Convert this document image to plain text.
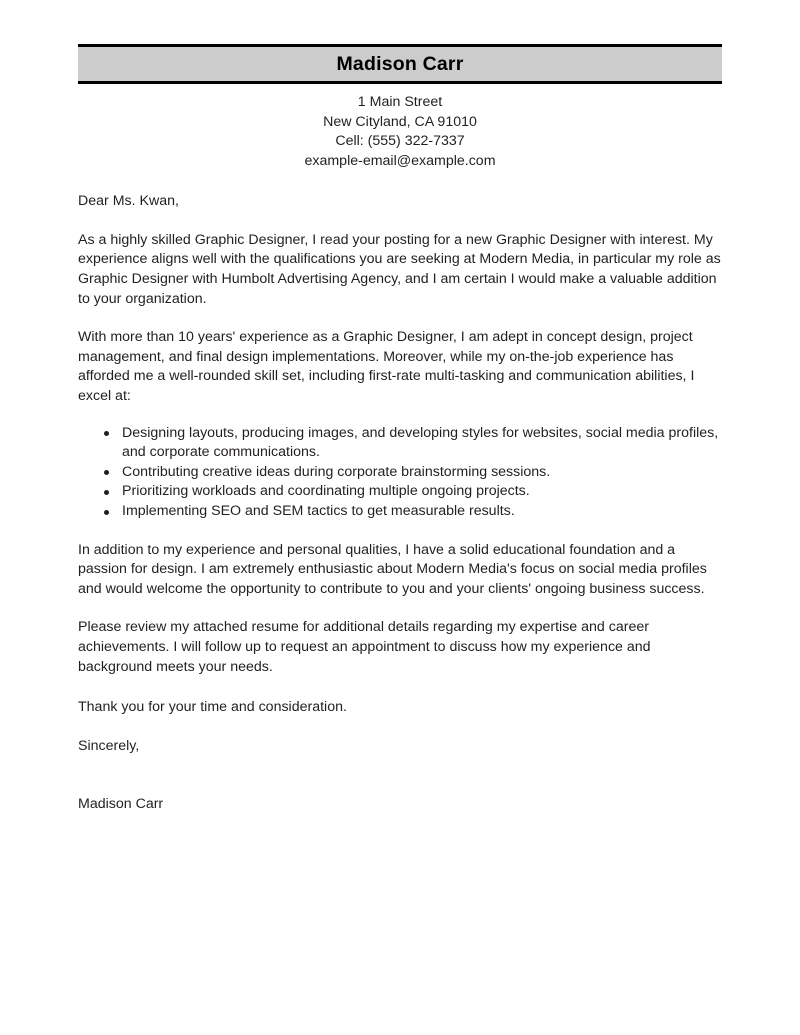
Madison Carr
1 Main Street
New Cityland, CA 91010
Cell: (555) 322-7337
example-email@example.com
Dear Ms. Kwan,

As a highly skilled Graphic Designer, I read your posting for a new Graphic Designer with interest. My experience aligns well with the qualifications you are seeking at Modern Media, in particular my role as Graphic Designer with Humbolt Advertising Agency, and I am certain I would make a valuable addition to your organization.

With more than 10 years' experience as a Graphic Designer, I am adept in concept design, project management, and final design implementations. Moreover, while my on-the-job experience has afforded me a well-rounded skill set, including first-rate multi-tasking and communication abilities, I excel at:

Designing layouts, producing images, and developing styles for websites, social media profiles, and corporate communications.
Contributing creative ideas during corporate brainstorming sessions.
Prioritizing workloads and coordinating multiple ongoing projects.
Implementing SEO and SEM tactics to get measurable results.

In addition to my experience and personal qualities, I have a solid educational foundation and a passion for design. I am extremely enthusiastic about Modern Media's focus on social media profiles and would welcome the opportunity to contribute to you and your clients' ongoing business success.

Please review my attached resume for additional details regarding my expertise and career achievements. I will follow up to request an appointment to discuss how my experience and background meets your needs.

Thank you for your time and consideration.
Sincerely,
Madison Carr
